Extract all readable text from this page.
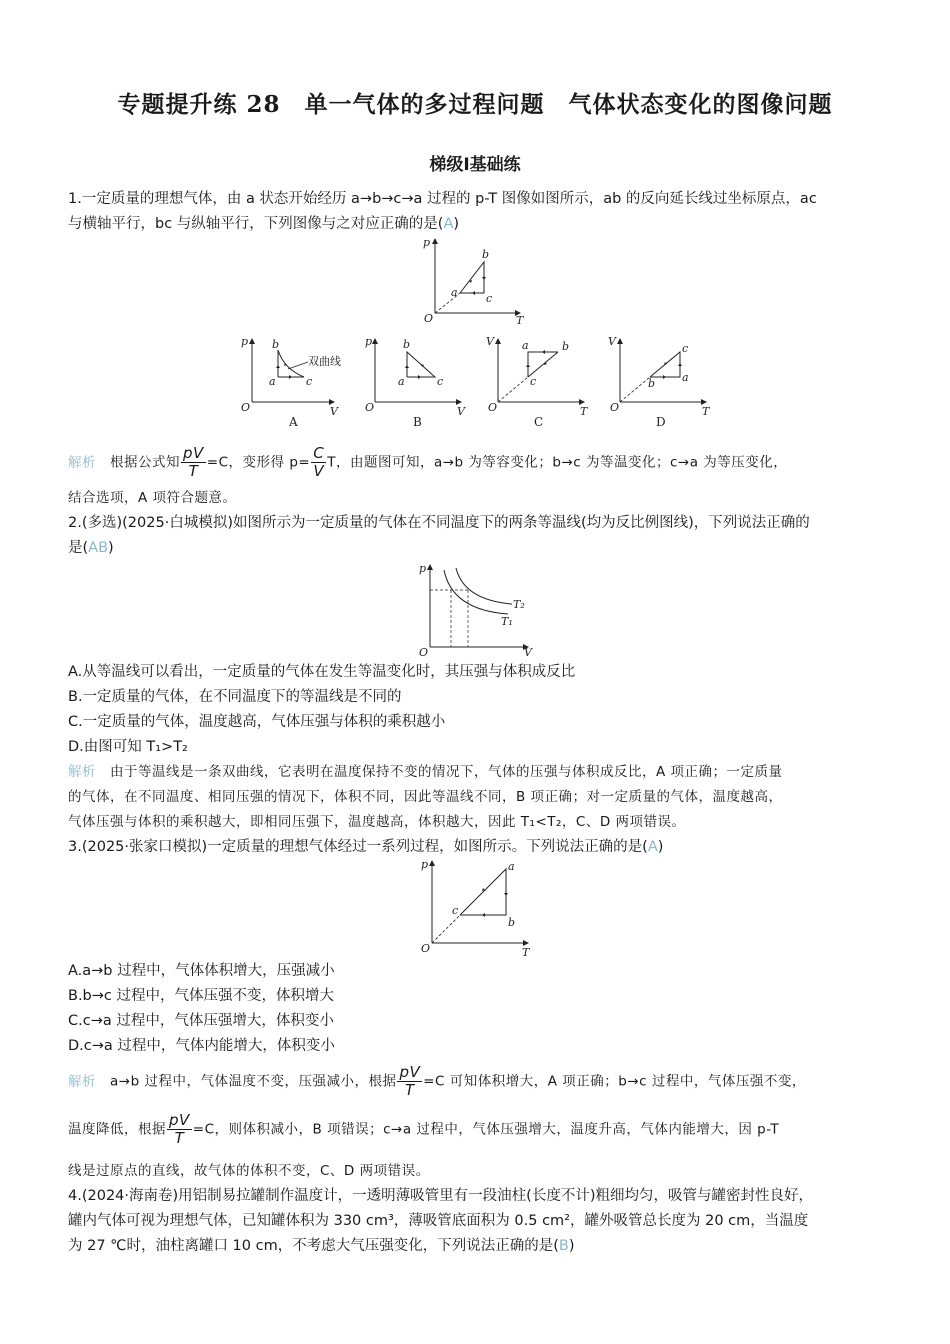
专题提升练 28　单一气体的多过程问题　气体状态变化的图像问题
梯级Ⅰ基础练
1.一定质量的理想气体，由 a 状态开始经历 a→b→c→a 过程的 p-T 图像如图所示，ab 的反向延长线过坐标原点，ac
与横轴平行，bc 与纵轴平行，下列图像与之对应正确的是(A)
p
T
O
a
b
c
p
V
O
a
b
c
双曲线
A
p
V
O
a
b
c
B
V
T
O
a	b
c
C
V
T
O
a
b
c
D
解析 根据公式知 $\frac{pV}{T} =C$，变形得 $p= \frac{C}{V}$ T，由题图可知，a→b 为等容变化；b→c 为等温变化；c→a 为等压变化，
结合选项，A 项符合题意。
2.(多选)(2025·白城模拟)如图所示为一定质量的气体在不同温度下的两条等温线(均为反比例图线)，下列说法正确的
是(AB)
p
V
O
T₂
T₁
A.从等温线可以看出，一定质量的气体在发生等温变化时，其压强与体积成反比
B.一定质量的气体，在不同温度下的等温线是不同的
C.一定质量的气体，温度越高，气体压强与体积的乘积越小
D.由图可知 T₁>T₂
解析 由于等温线是一条双曲线，它表明在温度保持不变的情况下，气体的压强与体积成反比，A 项正确；一定质量
的气体，在不同温度、相同压强的情况下，体积不同，因此等温线不同，B 项正确；对一定质量的气体，温度越高，
气体压强与体积的乘积越大，即相同压强下，温度越高，体积越大，因此 T₁<T₂，C、D 两项错误。
3.(2025·张家口模拟)一定质量的理想气体经过一系列过程，如图所示。下列说法正确的是(A)
p
T
O
a
b
c
A.a→b 过程中，气体体积增大，压强减小
B.b→c 过程中，气体压强不变，体积增大
C.c→a 过程中，气体压强增大，体积变小
D.c→a 过程中，气体内能增大，体积变小
解析 a→b 过程中，气体温度不变，压强减小，根据 $\frac{pV}{T} =C$ 可知体积增大，A 项正确；b→c 过程中，气体压强不变，
温度降低，根据 $\frac{pV}{T} =C$，则体积减小，B 项错误；c→a 过程中，气体压强增大，温度升高，气体内能增大，因 p-T
线是过原点的直线，故气体的体积不变，C、D 两项错误。
4.(2024·海南卷)用铝制易拉罐制作温度计，一透明薄吸管里有一段油柱(长度不计)粗细均匀，吸管与罐密封性良好，
罐内气体可视为理想气体，已知罐体积为 330 cm³，薄吸管底面积为 0.5 cm²，罐外吸管总长度为 20 cm，当温度
为 27 ℃时，油柱离罐口 10 cm，不考虑大气压强变化，下列说法正确的是(B)
